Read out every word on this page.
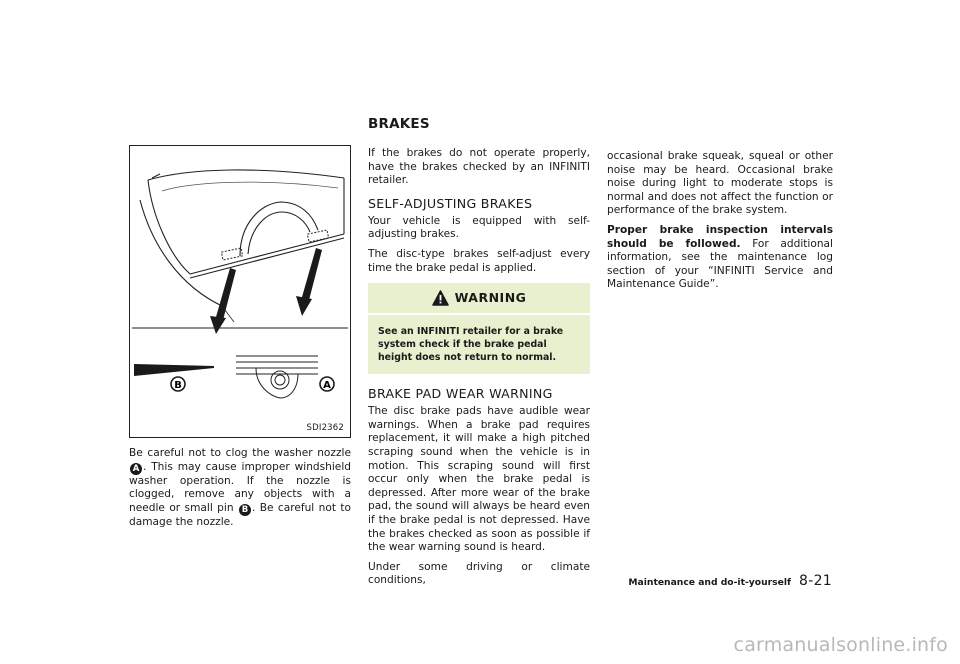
BRAKES
B	A
SDI2362

Be careful not to clog the washer nozzle A . This may cause improper windshield washer operation. If the nozzle is clogged, remove any objects with a needle or small pin B . Be careful not to damage the nozzle.

If the brakes do not operate properly, have the brakes checked by an INFINITI retailer.

SELF-ADJUSTING BRAKES

Your vehicle is equipped with self-adjusting brakes.

The disc-type brakes self-adjust every time the brake pedal is applied.

WARNING
See an INFINITI retailer for a brake system check if the brake pedal height does not return to normal.
BRAKE PAD WEAR WARNING

The disc brake pads have audible wear warnings. When a brake pad requires replacement, it will make a high pitched scraping sound when the vehicle is in motion. This scraping sound will first occur only when the brake pedal is depressed. After more wear of the brake pad, the sound will always be heard even if the brake pedal is not depressed. Have the brakes checked as soon as possible if the wear warning sound is heard.

Under some driving or climate conditions,

occasional brake squeak, squeal or other noise may be heard. Occasional brake noise during light to moderate stops is normal and does not affect the function or performance of the brake system.

Proper brake inspection intervals should be followed. For additional information, see the maintenance log section of your “INFINITI Service and Maintenance Guide”.

Maintenance and do-it-yourself 8-21
carmanualsonline.info
